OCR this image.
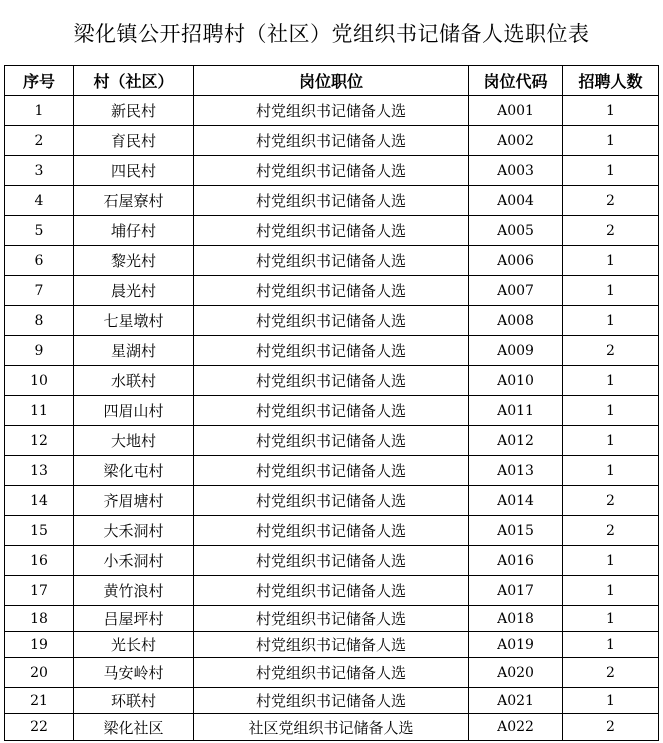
梁化镇公开招聘村（社区）党组织书记储备人选职位表
序号	村（社区）	岗位职位	岗位代码	招聘人数
1	新民村	村党组织书记储备人选	A001	1
2	育民村	村党组织书记储备人选	A002	1
3	四民村	村党组织书记储备人选	A003	1
4	石屋寮村	村党组织书记储备人选	A004	2
5	埔仔村	村党组织书记储备人选	A005	2
6	黎光村	村党组织书记储备人选	A006	1
7	晨光村	村党组织书记储备人选	A007	1
8	七星墩村	村党组织书记储备人选	A008	1
9	星湖村	村党组织书记储备人选	A009	2
10	水联村	村党组织书记储备人选	A010	1
11	四眉山村	村党组织书记储备人选	A011	1
12	大地村	村党组织书记储备人选	A012	1
13	梁化屯村	村党组织书记储备人选	A013	1
14	齐眉塘村	村党组织书记储备人选	A014	2
15	大禾洞村	村党组织书记储备人选	A015	2
16	小禾洞村	村党组织书记储备人选	A016	1
17	黄竹浪村	村党组织书记储备人选	A017	1
18	吕屋坪村	村党组织书记储备人选	A018	1
19	光长村	村党组织书记储备人选	A019	1
20	马安岭村	村党组织书记储备人选	A020	2
21	环联村	村党组织书记储备人选	A021	1
22	梁化社区	社区党组织书记储备人选	A022	2
